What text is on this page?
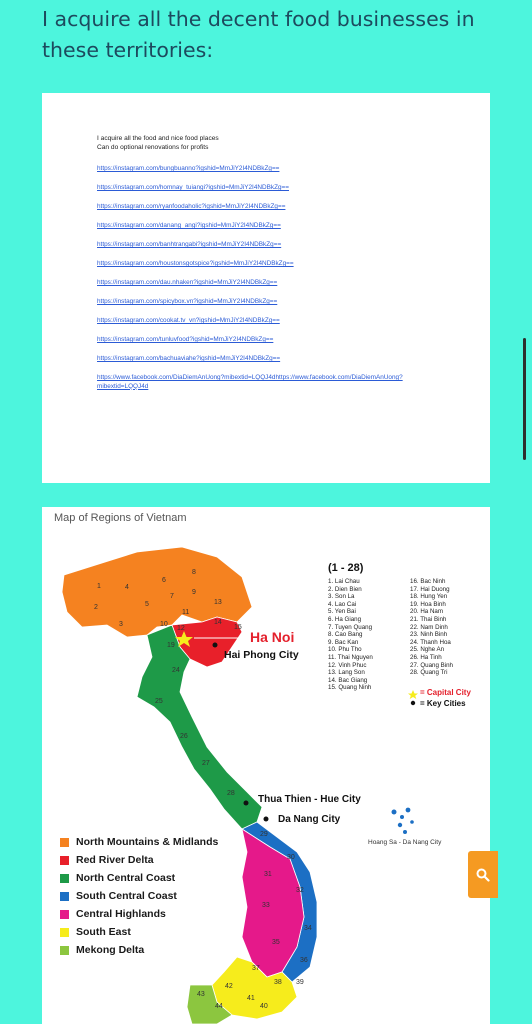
I acquire all the decent food businesses in these territories:
I acquire all the food and nice food places
Can do optional renovations for profits
https://instagram.com/bungbuanno?igshid=MmJiY2I4NDBkZg==
https://instagram.com/homnay_tuiangi?igshid=MmJiY2I4NDBkZg==
https://instagram.com/ryanfoodaholic?igshid=MmJiY2I4NDBkZg==
https://instagram.com/danang_angi?igshid=MmJiY2I4NDBkZg==
https://instagram.com/banhtrangabi?igshid=MmJiY2I4NDBkZg==
https://instagram.com/houstonsgotspice?igshid=MmJiY2I4NDBkZg==
https://instagram.com/dau.nhaken?igshid=MmJiY2I4NDBkZg==
https://instagram.com/spicybox.vn?igshid=MmJiY2I4NDBkZg==
https://instagram.com/cookat.tv_vn?igshid=MmJiY2I4NDBkZg==
https://instagram.com/tunluvfood?igshid=MmJiY2I4NDBkZg==
https://instagram.com/bachuaviahe?igshid=MmJiY2I4NDBkZg==
https://www.facebook.com/DiaDiemAnUong?mibextid=LQQJ4dhttps://www.facebook.com/DiaDiemAnUong?mibextid=LQQJ4d
Map of Regions of Vietnam
1
2
3
4
5
6
7
8
9
10
11
12
13
14
15
19
24
25
26
27
28
29
30
31
32
33
34
35
36
37
38 39
40
41
42
43
44
Ha Noi
Hai Phong City
Thua Thien - Hue City
Da Nang City
Hoang Sa - Da Nang City
(1 - 28)
1. Lai Chau
2. Dien Bien
3. Son La
4. Lao Cai
5. Yen Bai
6. Ha Giang
7. Tuyen Quang
8. Cao Bang
9. Bac Kan
10. Phu Tho
11. Thai Nguyen
12. Vinh Phuc
13. Lang Son
14. Bac Giang
15. Quang Ninh
16. Bac Ninh
17. Hai Duong
18. Hung Yen
19. Hoa Binh
20. Ha Nam
21. Thai Binh
22. Nam Dinh
23. Ninh Binh
24. Thanh Hoa
25. Nghe An
26. Ha Tinh
27. Quang Binh
28. Quang Tri
= Capital City
= Key Cities
North Mountains & Midlands
Red River Delta
North Central Coast
South Central Coast
Central Highlands
South East
Mekong Delta
